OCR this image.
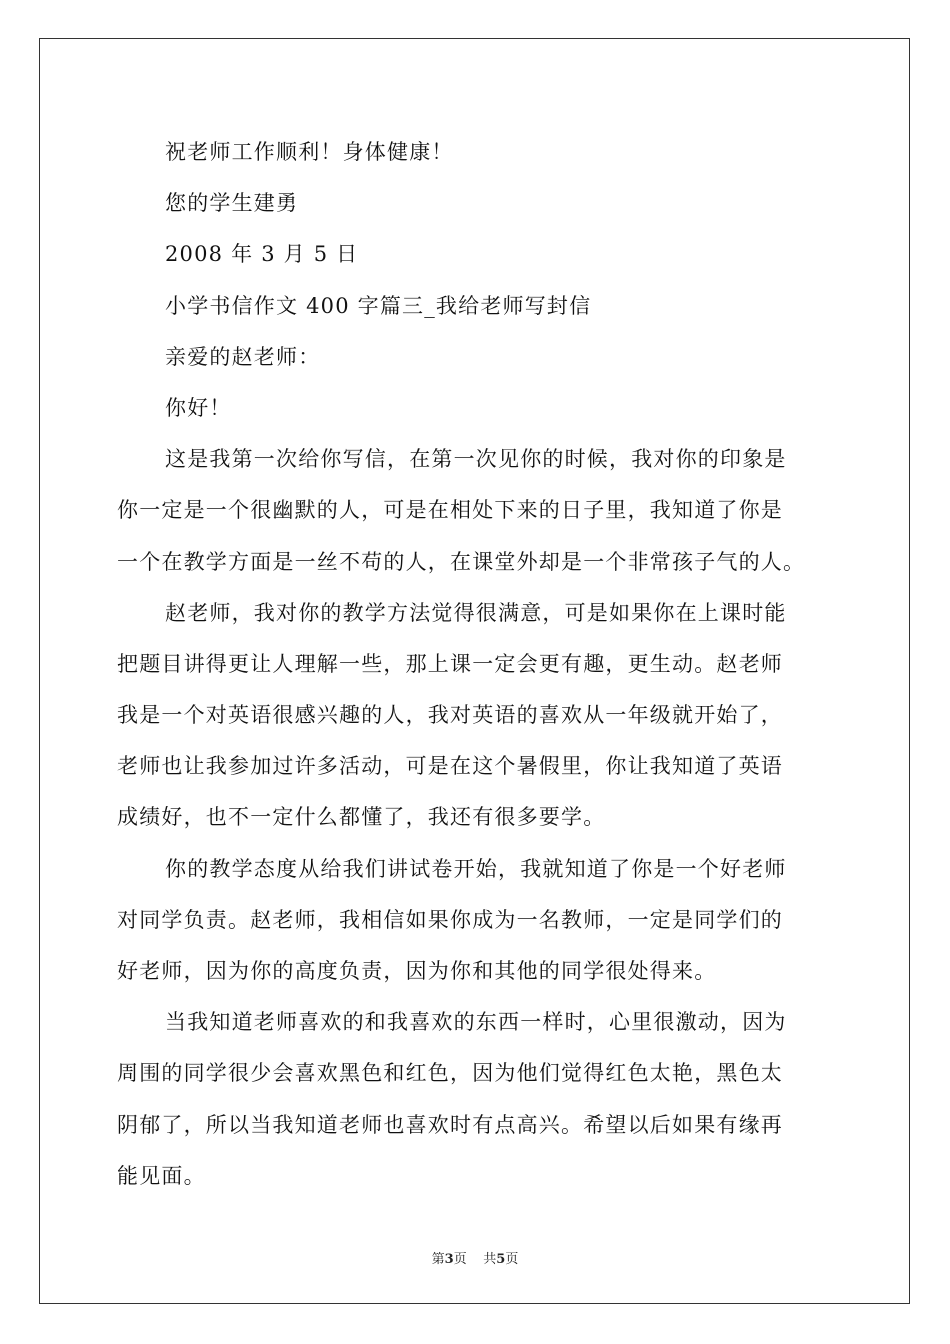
祝老师工作顺利！身体健康！
您的学生建勇
2008 年 3 月 5 日
小学书信作文 400 字篇三_我给老师写封信
亲爱的赵老师：
你好！
这是我第一次给你写信，在第一次见你的时候，我对你的印象是
你一定是一个很幽默的人，可是在相处下来的日子里，我知道了你是
一个在教学方面是一丝不苟的人，在课堂外却是一个非常孩子气的人。
赵老师，我对你的教学方法觉得很满意，可是如果你在上课时能
把题目讲得更让人理解一些，那上课一定会更有趣，更生动。赵老师
我是一个对英语很感兴趣的人，我对英语的喜欢从一年级就开始了，
老师也让我参加过许多活动，可是在这个暑假里，你让我知道了英语
成绩好，也不一定什么都懂了，我还有很多要学。
你的教学态度从给我们讲试卷开始，我就知道了你是一个好老师
对同学负责。赵老师，我相信如果你成为一名教师，一定是同学们的
好老师，因为你的高度负责，因为你和其他的同学很处得来。
当我知道老师喜欢的和我喜欢的东西一样时，心里很激动，因为
周围的同学很少会喜欢黑色和红色，因为他们觉得红色太艳，黑色太
阴郁了，所以当我知道老师也喜欢时有点高兴。希望以后如果有缘再
能见面。
第3页 共5页
